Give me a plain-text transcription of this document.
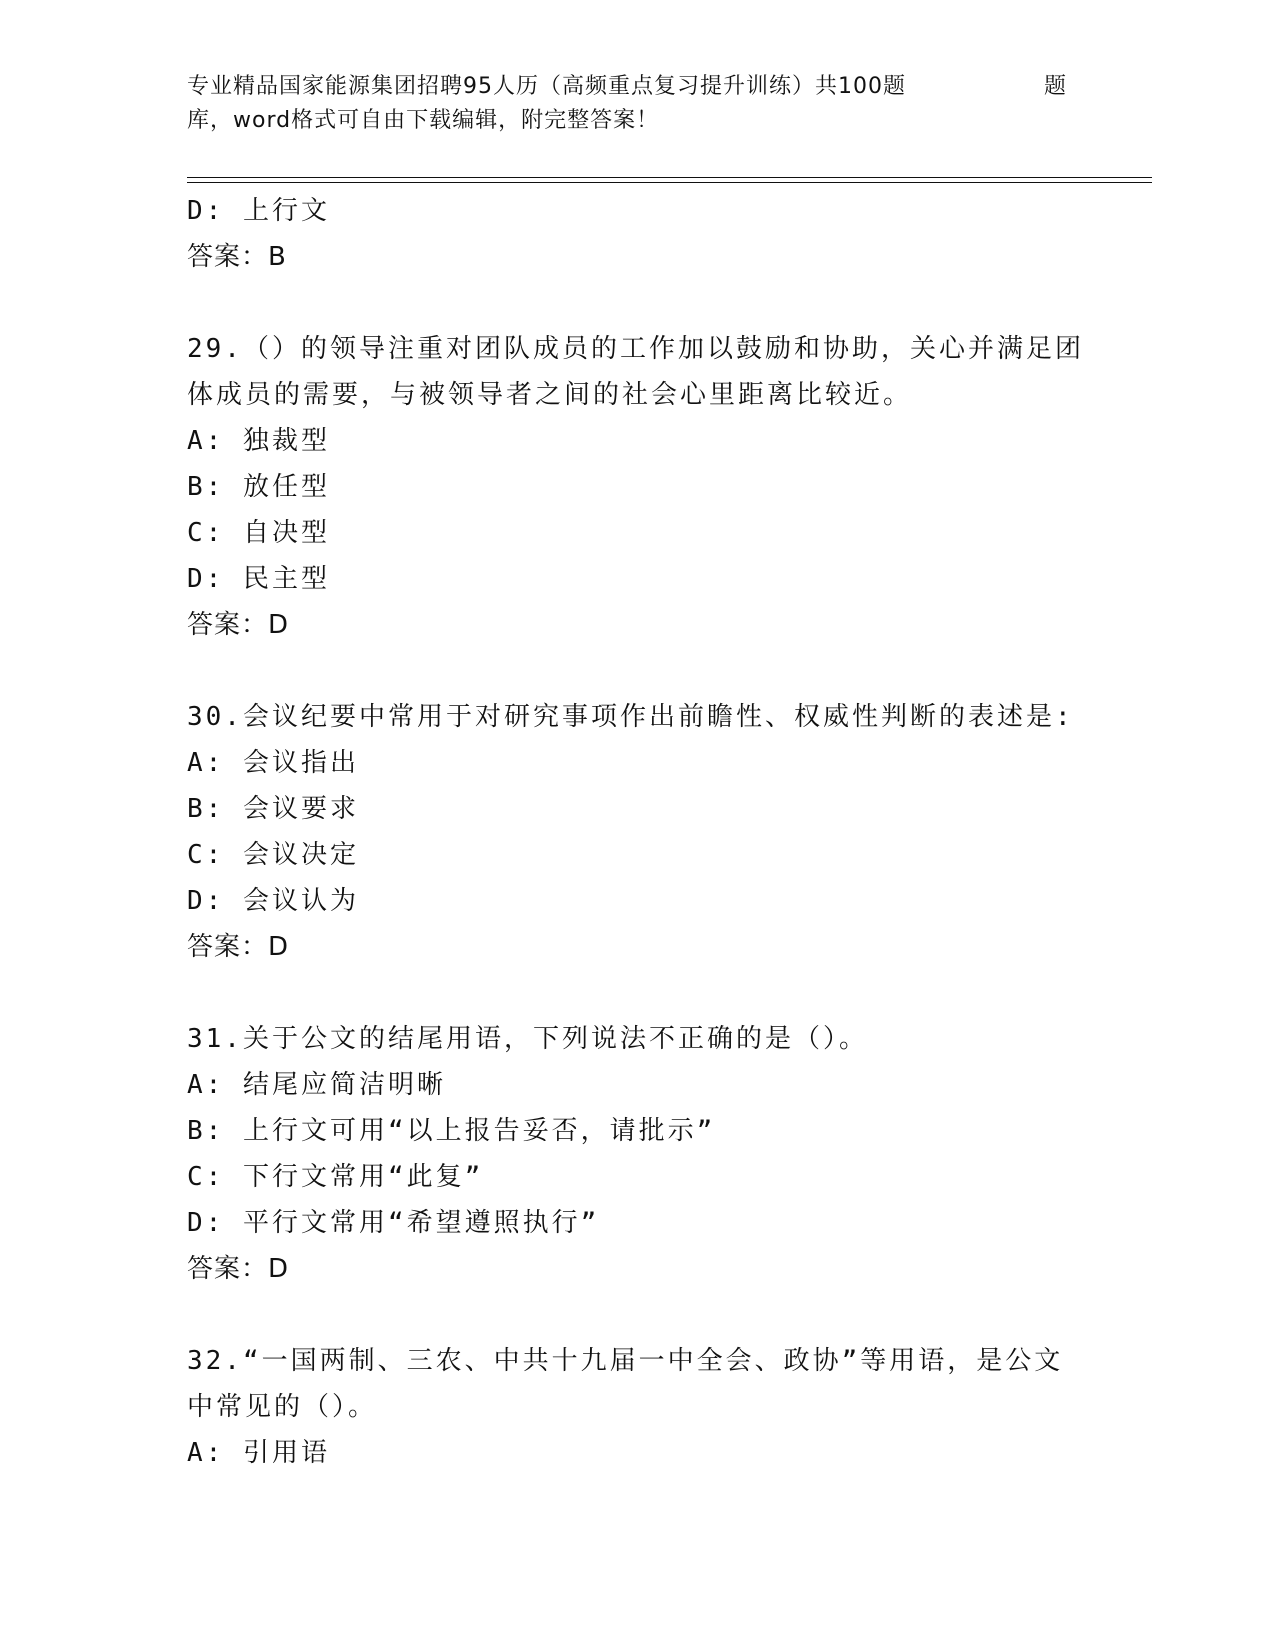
专业精品国家能源集团招聘95人历（高频重点复习提升训练）共100题	题
库，word格式可自由下载编辑，附完整答案！
D: 上行文
答案：B
29.（）的领导注重对团队成员的工作加以鼓励和协助，关心并满足团
体成员的需要，与被领导者之间的社会心里距离比较近。
A: 独裁型
B: 放任型
C: 自决型
D: 民主型
答案：D
30.会议纪要中常用于对研究事项作出前瞻性、权威性判断的表述是:
A: 会议指出
B: 会议要求
C: 会议决定
D: 会议认为
答案：D
31.关于公文的结尾用语，下列说法不正确的是（）。
A: 结尾应简洁明晰
B: 上行文可用“以上报告妥否，请批示”
C: 下行文常用“此复”
D: 平行文常用“希望遵照执行”
答案：D
32.“一国两制、三农、中共十九届一中全会、政协”等用语，是公文
中常见的（）。
A: 引用语
